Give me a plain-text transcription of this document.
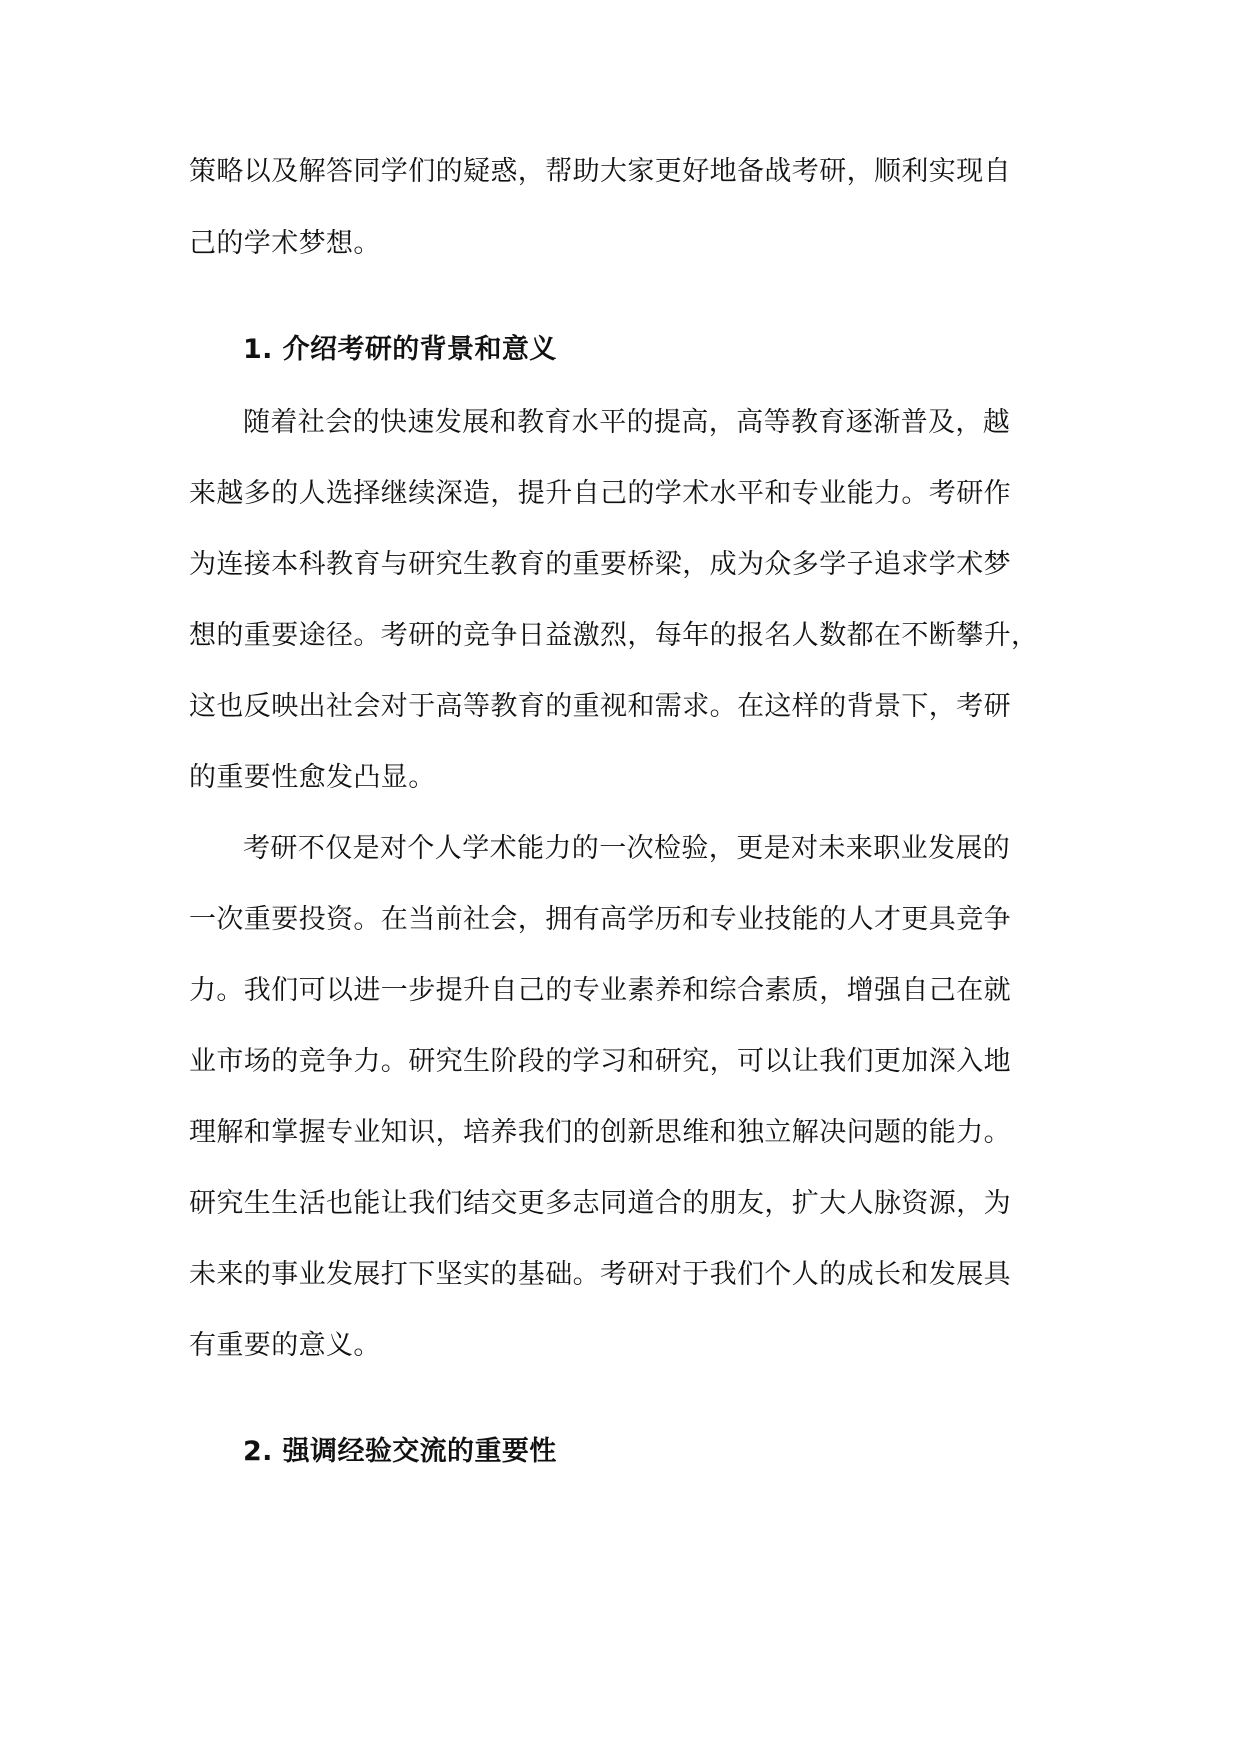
策略以及解答同学们的疑惑，帮助大家更好地备战考研，顺利实现自
己的学术梦想。
1. 介绍考研的背景和意义
随着社会的快速发展和教育水平的提高，高等教育逐渐普及，越
来越多的人选择继续深造，提升自己的学术水平和专业能力。考研作
为连接本科教育与研究生教育的重要桥梁，成为众多学子追求学术梦
想的重要途径。考研的竞争日益激烈，每年的报名人数都在不断攀升，
这也反映出社会对于高等教育的重视和需求。在这样的背景下，考研
的重要性愈发凸显。
考研不仅是对个人学术能力的一次检验，更是对未来职业发展的
一次重要投资。在当前社会，拥有高学历和专业技能的人才更具竞争
力。我们可以进一步提升自己的专业素养和综合素质，增强自己在就
业市场的竞争力。研究生阶段的学习和研究，可以让我们更加深入地
理解和掌握专业知识，培养我们的创新思维和独立解决问题的能力。
研究生生活也能让我们结交更多志同道合的朋友，扩大人脉资源，为
未来的事业发展打下坚实的基础。考研对于我们个人的成长和发展具
有重要的意义。
2. 强调经验交流的重要性
